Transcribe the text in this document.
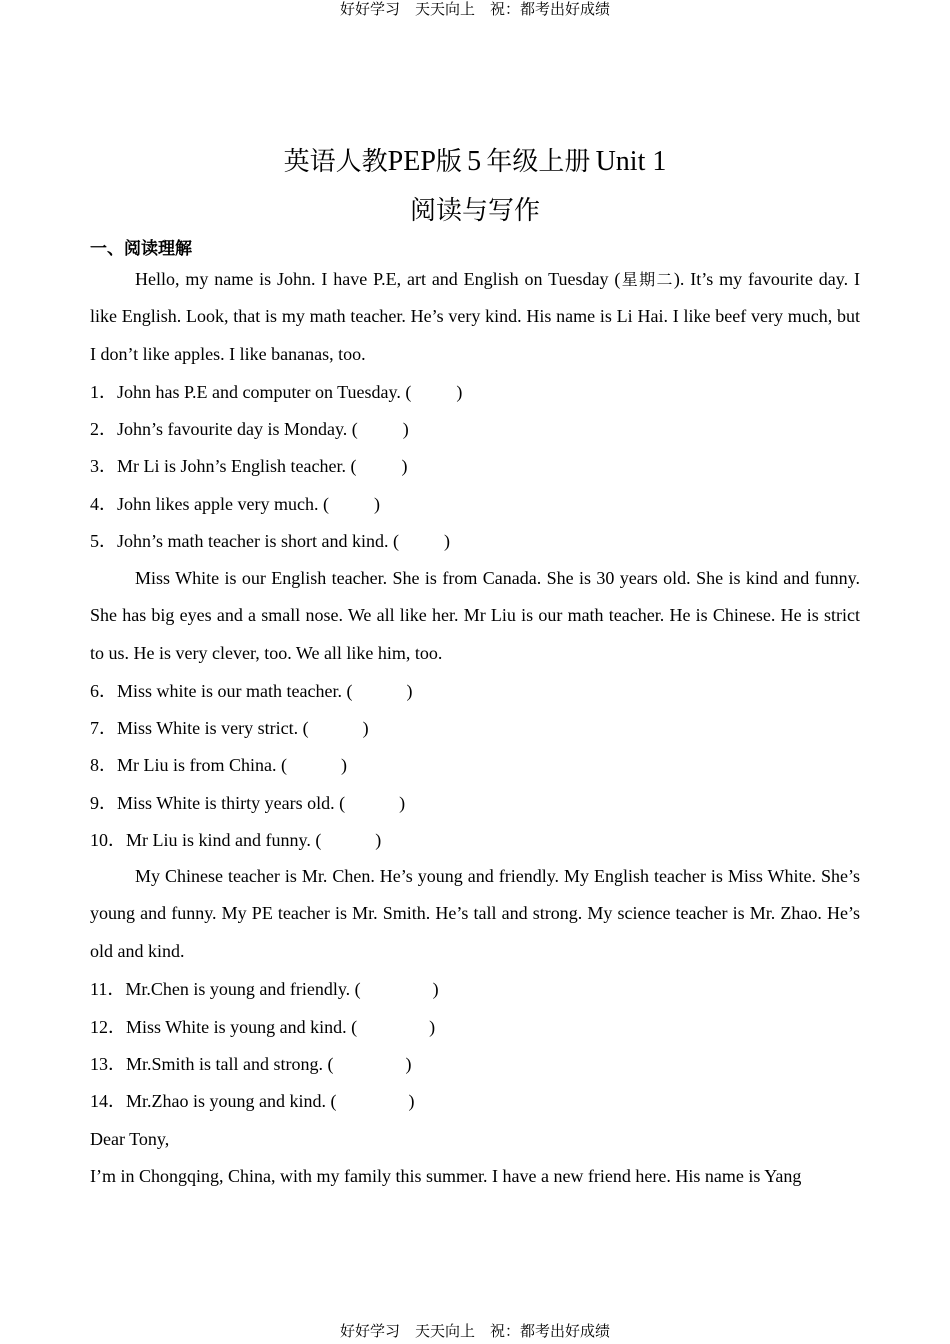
好好学习　天天向上　祝：都考出好成绩
英语人教PEP版  5  年级上册  Unit 1
阅读与写作
一、阅读理解

Hello, my name is John. I have P.E, art and English on Tuesday (星期二). It’s my favourite day. I like English. Look, that is my math teacher. He’s very kind. His name is Li Hai. I like beef very much, but I don’t like apples. I like bananas, too.

1．John has P.E and computer on Tuesday. (          )
2．John’s favourite day is Monday. (          )
3．Mr Li is John’s English teacher. (          )
4．John likes apple very much. (          )
5．John’s math teacher is short and kind. (          )

Miss White is our English teacher. She is from Canada. She is 30 years old. She is kind and funny. She has big eyes and a small nose. We all like her. Mr Liu is our math teacher. He is Chinese. He is strict to us. He is very clever, too. We all like him, too.

6．Miss white is our math teacher. (            )
7．Miss White is very strict. (            )
8．Mr Liu is from China. (            )
9．Miss White is thirty years old. (            )
10．Mr Liu is kind and funny. (            )

My Chinese teacher is Mr. Chen. He’s young and friendly. My English teacher is Miss White. She’s young and funny. My PE teacher is Mr. Smith. He’s tall and strong. My science teacher is Mr. Zhao. He’s old and kind.

11．Mr.Chen is young and friendly. (                )
12．Miss White is young and kind. (                )
13．Mr.Smith is tall and strong. (                )
14．Mr.Zhao is young and kind. (                )
Dear Tony,
I’m in Chongqing, China, with my family this summer. I have a new friend here. His name is Yang
好好学习　天天向上　祝：都考出好成绩
